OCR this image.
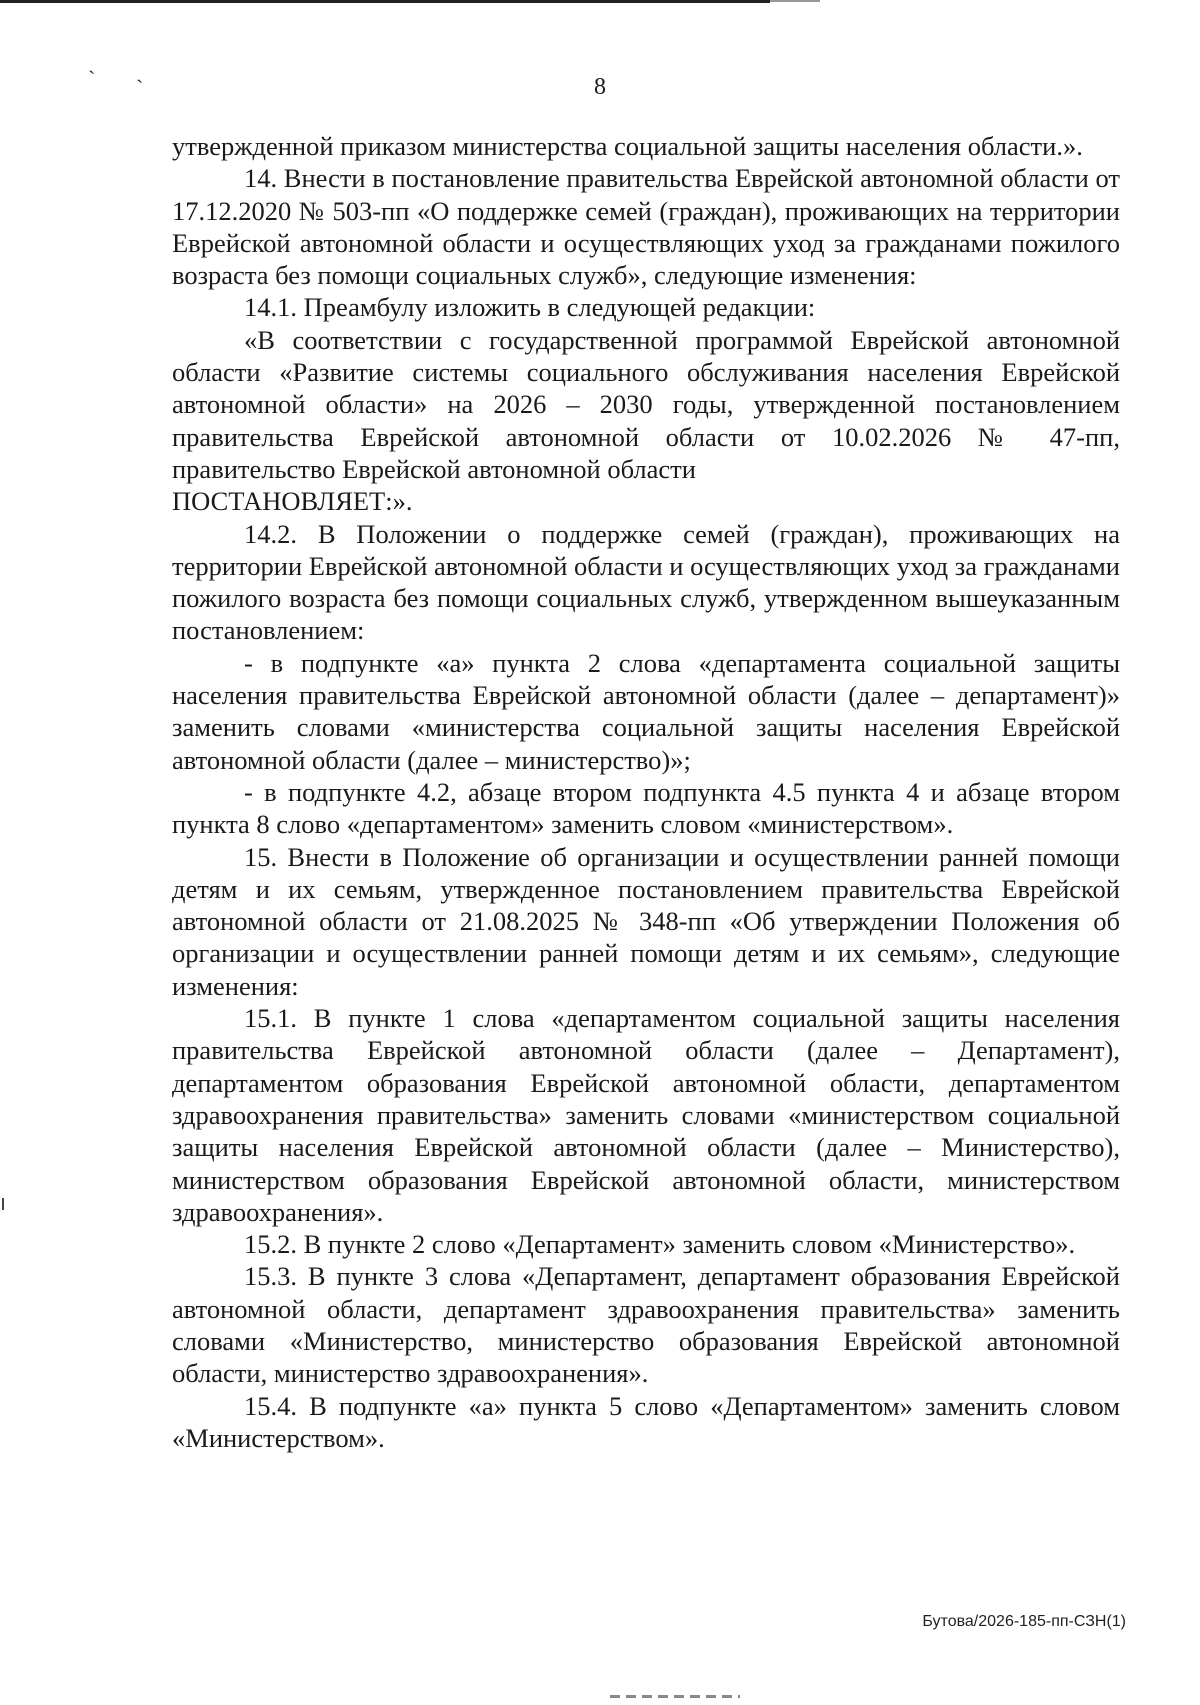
˴ ˏ
8

утвержденной приказом министерства социальной защиты населения области.».

14. Внести в постановление правительства Еврейской автономной области от 17.12.2020 № 503-пп «О поддержке семей (граждан), проживающих на территории Еврейской автономной области и осуществляющих уход за гражданами пожилого возраста без помощи социальных служб», следующие изменения:

14.1. Преамбулу изложить в следующей редакции:

«В соответствии с государственной программой Еврейской автономной области «Развитие системы социального обслуживания населения Еврейской автономной области» на 2026 – 2030 годы, утвержденной постановлением правительства Еврейской автономной области от 10.02.2026 № 47-пп, правительство Еврейской автономной области

ПОСТАНОВЛЯЕТ:».

14.2. В Положении о поддержке семей (граждан), проживающих на территории Еврейской автономной области и осуществляющих уход за гражданами пожилого возраста без помощи социальных служб, утвержденном вышеуказанным постановлением:

- в подпункте «а» пункта 2 слова «департамента социальной защиты населения правительства Еврейской автономной области (далее – департамент)» заменить словами «министерства социальной защиты населения Еврейской автономной области (далее – министерство)»;

- в подпункте 4.2, абзаце втором подпункта 4.5 пункта 4 и абзаце втором пункта 8 слово «департаментом» заменить словом «министерством».

15. Внести в Положение об организации и осуществлении ранней помощи детям и их семьям, утвержденное постановлением правительства Еврейской автономной области от 21.08.2025 № 348-пп «Об утверждении Положения об организации и осуществлении ранней помощи детям и их семьям», следующие изменения:

15.1. В пункте 1 слова «департаментом социальной защиты населения правительства Еврейской автономной области (далее – Департамент), департаментом образования Еврейской автономной области, департаментом здравоохранения правительства» заменить словами «министерством социальной защиты населения Еврейской автономной области (далее – Министерство), министерством образования Еврейской автономной области, министерством здравоохранения».

15.2. В пункте 2 слово «Департамент» заменить словом «Министерство».

15.3. В пункте 3 слова «Департамент, департамент образования Еврейской автономной области, департамент здравоохранения правительства» заменить словами «Министерство, министерство образования Еврейской автономной области, министерство здравоохранения».

15.4. В подпункте «а» пункта 5 слово «Департаментом» заменить словом «Министерством».

Бутова/2026-185-пп-СЗН(1)
